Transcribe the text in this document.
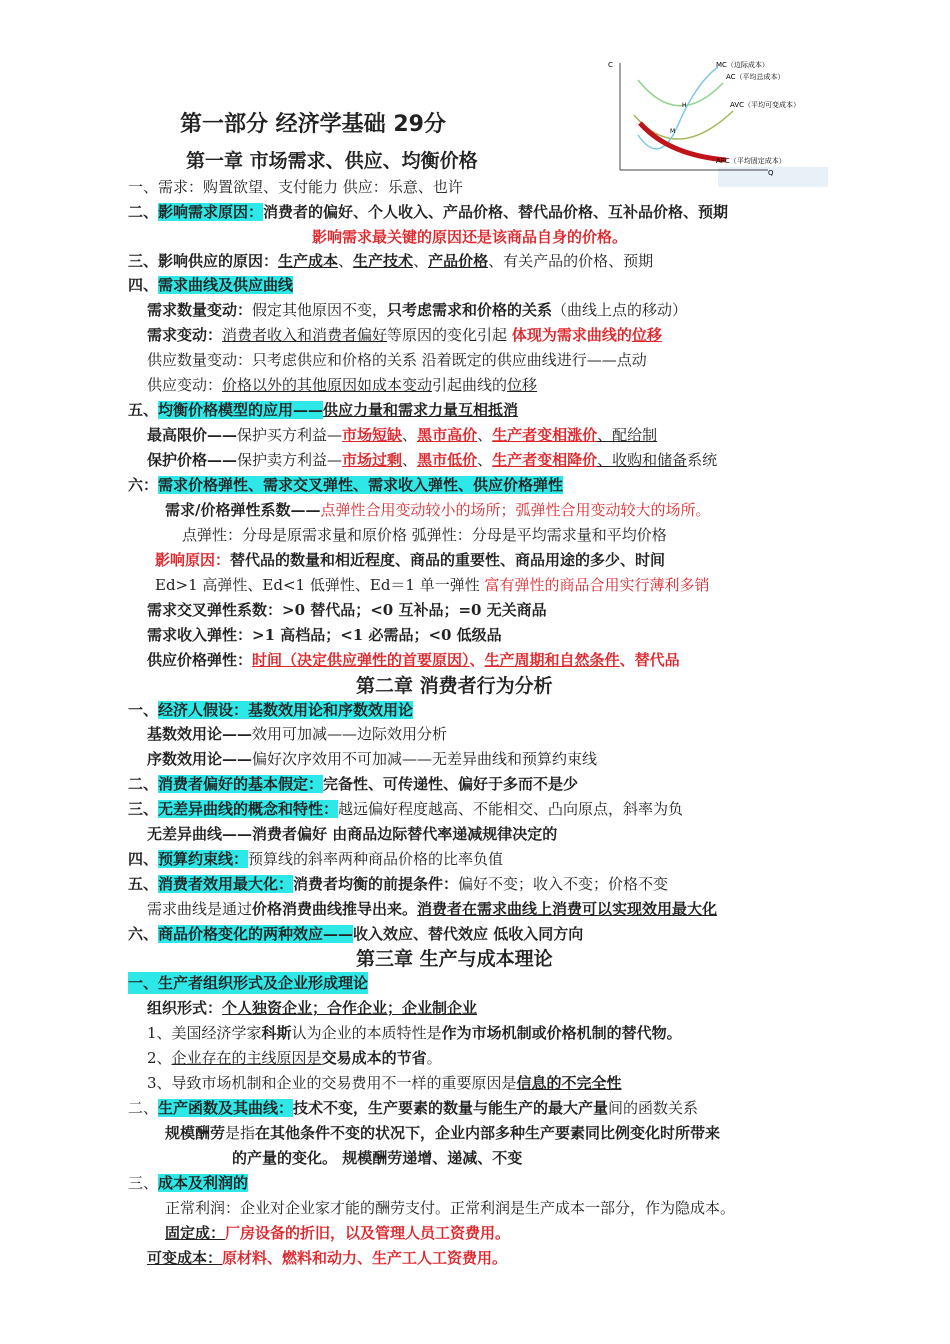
C
Q
H
M
MC（边际成本）
AC（平均总成本）
AVC（平均可变成本）
AFC（平均固定成本）
第一部分 经济学基础 29分
第一章 市场需求、供应、均衡价格
一、需求：购置欲望、支付能力 供应：乐意、也许
二、影响需求原因：消费者的偏好、个人收入、产品价格、替代品价格、互补品价格、预期
影响需求最关键的原因还是该商品自身的价格。
三、影响供应的原因：生产成本、生产技术、产品价格、有关产品的价格、预期
四、需求曲线及供应曲线
需求数量变动：假定其他原因不变，只考虑需求和价格的关系（曲线上点的移动）
需求变动：消费者收入和消费者偏好等原因的变化引起 体现为需求曲线的位移
供应数量变动：只考虑供应和价格的关系 沿着既定的供应曲线进行——点动
供应变动：价格以外的其他原因如成本变动引起曲线的位移
五、均衡价格模型的应用——供应力量和需求力量互相抵消
最高限价——保护买方利益—市场短缺、黑市高价、生产者变相涨价、配给制
保护价格——保护卖方利益—市场过剩、黑市低价、生产者变相降价、收购和储备系统
六：需求价格弹性、需求交叉弹性、需求收入弹性、供应价格弹性
需求/价格弹性系数——点弹性合用变动较小的场所；弧弹性合用变动较大的场所。
点弹性：分母是原需求量和原价格 弧弹性：分母是平均需求量和平均价格
影响原因：替代品的数量和相近程度、商品的重要性、商品用途的多少、时间
Ed>1 高弹性、Ed<1 低弹性、Ed＝1 单一弹性 富有弹性的商品合用实行薄利多销
需求交叉弹性系数：>0 替代品；<0 互补品；=0 无关商品
需求收入弹性：>1 高档品；<1 必需品；<0 低级品
供应价格弹性：时间（决定供应弹性的首要原因）、生产周期和自然条件、替代品
第二章 消费者行为分析
一、经济人假设：基数效用论和序数效用论
基数效用论——效用可加减——边际效用分析
序数效用论——偏好次序效用不可加减——无差异曲线和预算约束线
二、消费者偏好的基本假定：完备性、可传递性、偏好于多而不是少
三、无差异曲线的概念和特性：越远偏好程度越高、不能相交、凸向原点，斜率为负
无差异曲线——消费者偏好 由商品边际替代率递减规律决定的
四、预算约束线：预算线的斜率两种商品价格的比率负值
五、消费者效用最大化：消费者均衡的前提条件：偏好不变；收入不变；价格不变
需求曲线是通过价格消费曲线推导出来。消费者在需求曲线上消费可以实现效用最大化
六、商品价格变化的两种效应——收入效应、替代效应 低收入同方向
第三章 生产与成本理论
一、生产者组织形式及企业形成理论
组织形式：个人独资企业；合作企业；企业制企业
1、美国经济学家科斯认为企业的本质特性是作为市场机制或价格机制的替代物。
2、企业存在的主线原因是交易成本的节省。
3、导致市场机制和企业的交易费用不一样的重要原因是信息的不完全性
二、生产函数及其曲线：技术不变，生产要素的数量与能生产的最大产量间的函数关系
规模酬劳是指在其他条件不变的状况下，企业内部多种生产要素同比例变化时所带来
的产量的变化。 规模酬劳递增、递减、不变
三、成本及利润的
正常利润：企业对企业家才能的酬劳支付。正常利润是生产成本一部分，作为隐成本。
固定成：厂房设备的折旧，以及管理人员工资费用。
可变成本：原材料、燃料和动力、生产工人工资费用。
